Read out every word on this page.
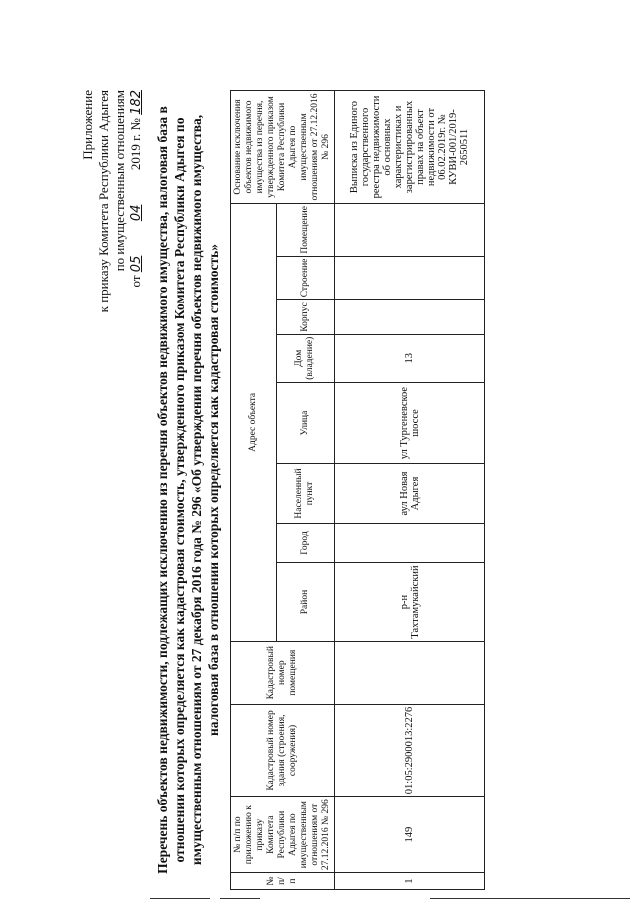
Приложение к приказу Комитета Республики Адыгея по имущественным отношениям
от 05  04  2019 г. № 182
Перечень объектов недвижимости, подлежащих исключению из перечня объектов недвижимого имущества, налоговая база в отношении которых определяется как кадастровая стоимость, утвержденного приказом Комитета Республики Адыгея по имущественным отношениям от 27 декабря 2016 года № 296 «Об утверждении перечня объектов недвижимого имущества, налоговая база в отношении которых определяется как кадастровая стоимость»
№ п/п	№ п/п по приложению к приказу Комитета Республики Адыгея по имущественным отношениям от 27.12.2016 № 296	Кадастровый номер здания (строения, сооружения)	Кадастровый номер помещения	Адрес объекта								Основание исключения объектов недвижимого имущества из перечня, утвержденного приказом Комитета Республики Адыгея по имущественным отношениям от 27.12.2016 № 296
				Район	Город	Населенный пункт	Улица	Дом (владение)	Корпус	Строение	Помещение	
1	149	01:05:2900013:2276		р-н Тахтамукайский		аул Новая Адыгея	ул Тургеневское шоссе	13				Выписка из Единого государственного реестра недвижимости об основных характеристиках и зарегистрированных правах на объект недвижимости от 06.02.2019г. № КУВИ-001/2019-2650511
